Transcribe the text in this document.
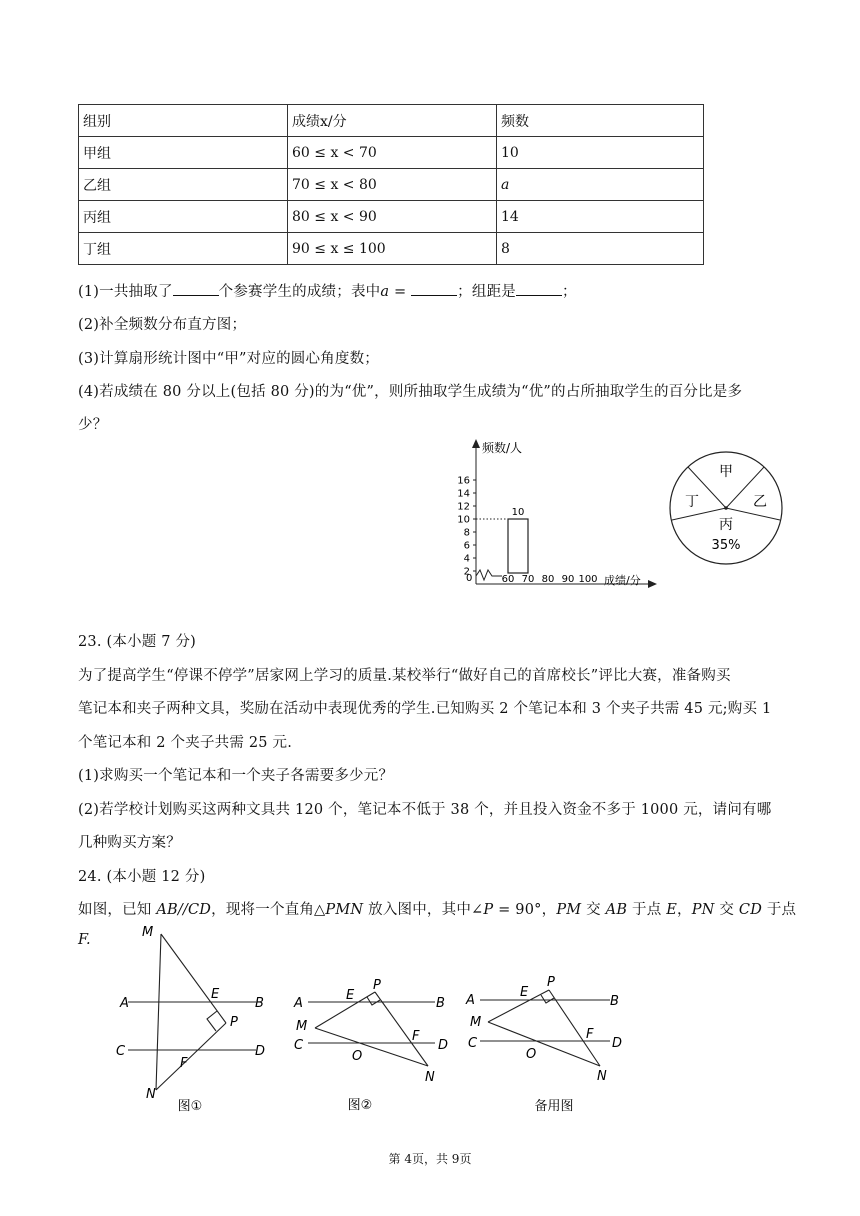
组别	成绩x/分	频数
甲组	60 ≤ x < 70	10
乙组	70 ≤ x < 80	a
丙组	80 ≤ x < 90	14
丁组	90 ≤ x ≤ 100	8
(1)一共抽取了	个参赛学生的成绩；表中a =	；组距是	；
(2)补全频数分布直方图；
(3)计算扇形统计图中“甲”对应的圆心角度数；
(4)若成绩在 80 分以上(包括 80 分)的为“优”，则所抽取学生成绩为“优”的占所抽取学生的百分比是多
少？
2
4
6
8
10
12
14
16
60 70 80 90 100
10
频数/人
成绩/分
0
甲
乙
丙
丁
35%
23. (本小题 7 分)
为了提高学生“停课不停学”居家网上学习的质量.某校举行“做好自己的首席校长”评比大赛，准备购买
笔记本和夹子两种文具，奖励在活动中表现优秀的学生.已知购买 2 个笔记本和 3 个夹子共需 45 元;购买 1
个笔记本和 2 个夹子共需 25 元.
(1)求购买一个笔记本和一个夹子各需要多少元？
(2)若学校计划购买这两种文具共 120 个，笔记本不低于 38 个，并且投入资金不多于 1000 元，请问有哪
几种购买方案？
24. (本小题 12 分)
如图，已知 AB//CD，现将一个直角△PMN 放入图中，其中∠P = 90°，PM 交 AB 于点 E，PN 交 CD 于点
F.
A	B
C	D
E
F
M
N
P
图①
A	B
C	D
E
F
M
N
P
O
图②
A	B
C	D
E
F
M
N
P
O
备用图
第 4页，共 9页
